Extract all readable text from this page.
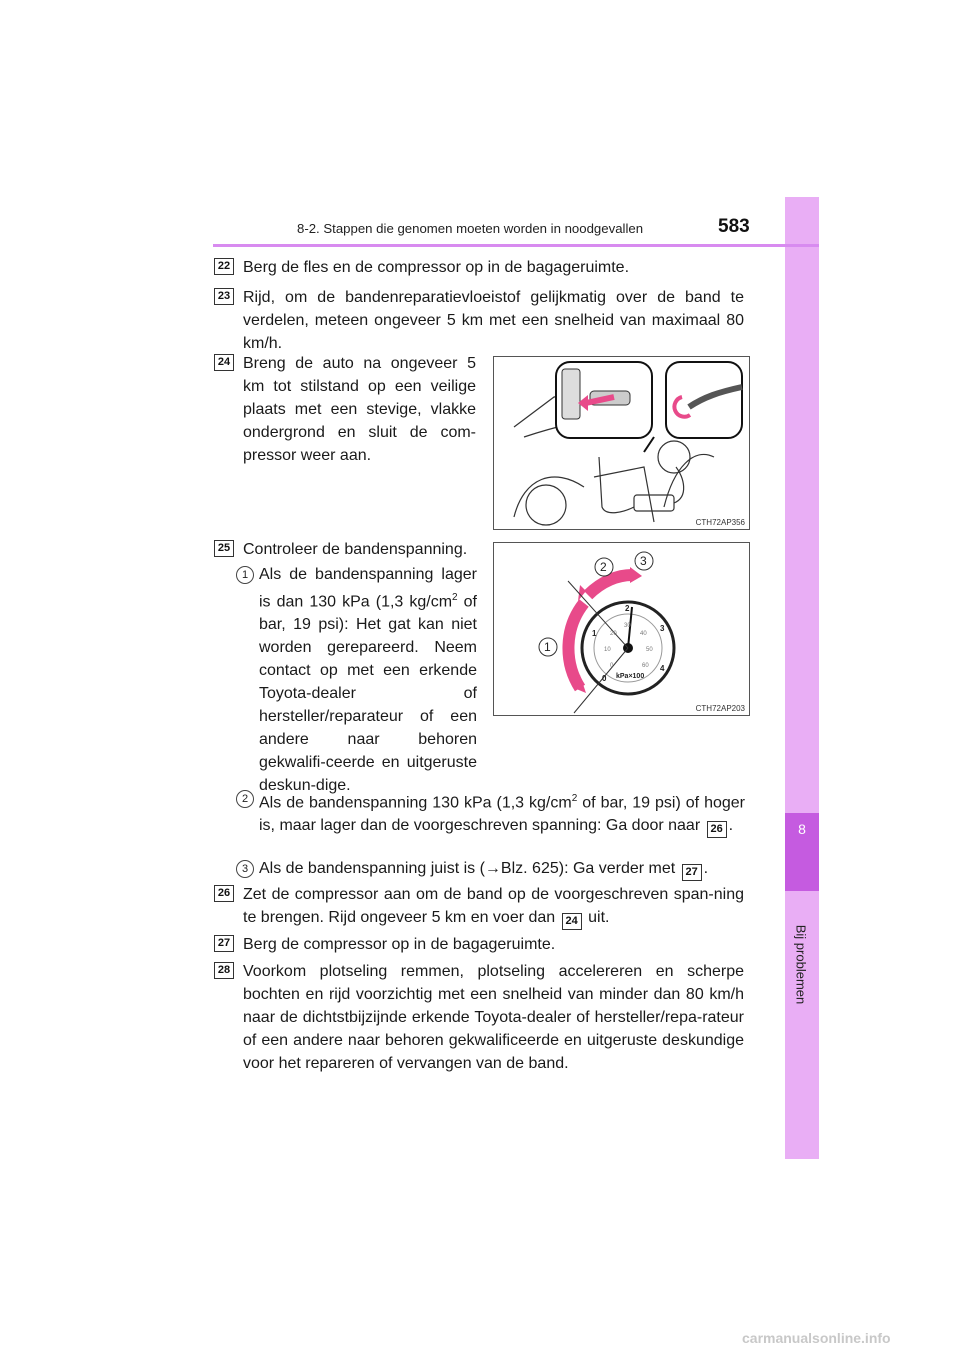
8
Bij problemen
8-2. Stappen die genomen moeten worden in noodgevallen	583
22 Berg de fles en de compressor op in de bagageruimte.
23 Rijd, om de bandenreparatievloeistof gelijkmatig over de band te verdelen, meteen ongeveer 5 km met een snelheid van maximaal 80 km/h.
24 Breng de auto na ongeveer 5 km tot stilstand op een veilige plaats met een stevige, vlakke ondergrond en sluit de com-pressor weer aan.
CTH72AP356
25 Controleer de bandenspanning.
1 Als de bandenspanning lager is dan 130 kPa (1,3 $kg/cm^2$ of bar, 19 psi): Het gat kan niet worden gerepareerd. Neem contact op met een erkende Toyota-dealer of hersteller/reparateur of een andere naar behoren gekwalifi-ceerde en uitgeruste deskun-dige.
0
1
2
3
4
0
10
20
30
40
50
60
kPa×100
1
2	3
CTH72AP203
2 Als de bandenspanning 130 kPa (1,3 $kg/cm^2$ of bar, 19 psi) of hoger is, maar lager dan de voorgeschreven spanning: Ga door naar 26 .
3 Als de bandenspanning juist is (→Blz. 625): Ga verder met 27 .
26 Zet de compressor aan om de band op de voorgeschreven span-ning te brengen. Rijd ongeveer 5 km en voer dan 24 uit.
27 Berg de compressor op in de bagageruimte.
28 Voorkom plotseling remmen, plotseling accelereren en scherpe bochten en rijd voorzichtig met een snelheid van minder dan 80 km/h naar de dichtstbijzijnde erkende Toyota-dealer of hersteller/repa-rateur of een andere naar behoren gekwalificeerde en uitgeruste deskundige voor het repareren of vervangen van de band.
carmanualsonline.info
